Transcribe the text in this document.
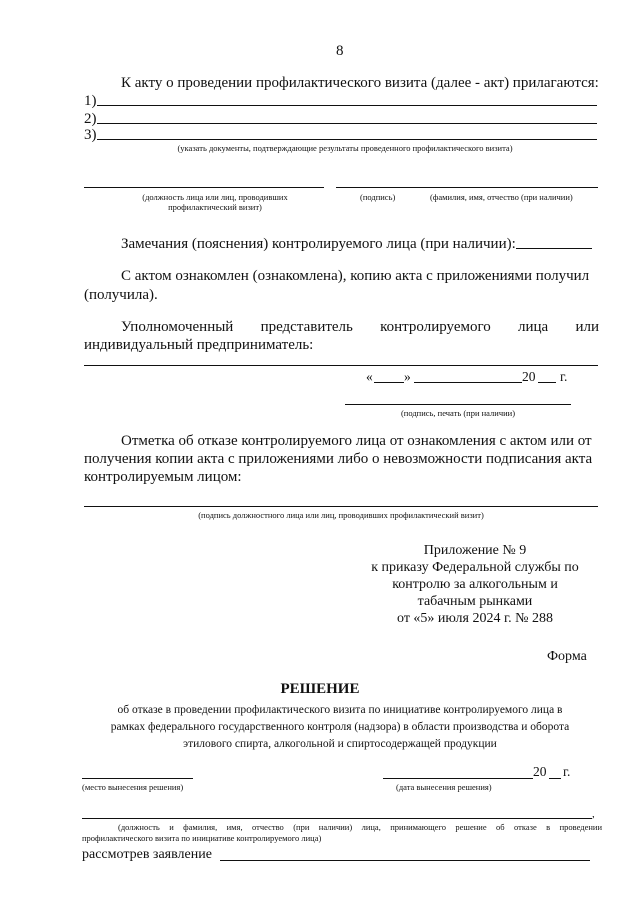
8
К акту о проведении профилактического визита (далее - акт) прилагаются:
1)
2)
3)
(указать документы, подтверждающие результаты проведенного профилактического визита)
(должность лица или лиц, проводивших профилактический визит)
(подпись)	(фамилия, имя, отчество (при наличии)
Замечания (пояснения) контролируемого лица (при наличии):
С актом ознакомлен (ознакомлена), копию акта с приложениями получил
(получила).
Уполномоченный представитель контролируемого лица или
индивидуальный предприниматель:
« »	20 г.
(подпись, печать (при наличии)
Отметка об отказе контролируемого лица от ознакомления с актом или от
получения копии акта с приложениями либо о невозможности подписания акта
контролируемым лицом:
(подпись должностного лица или лиц, проводивших профилактический визит)
Приложение № 9
к приказу Федеральной службы по
контролю за алкогольным и
табачным рынками
от «5» июля 2024 г. № 288
Форма
РЕШЕНИЕ
об отказе в проведении профилактического визита по инициативе контролируемого лица в
рамках федерального государственного контроля (надзора) в области производства и оборота
этилового спирта, алкогольной и спиртосодержащей продукции
20 г.
(место вынесения решения)	(дата вынесения решения)
,
(должность и фамилия, имя, отчество (при наличии) лица, принимающего решение об отказе в проведении
профилактического визита по инициативе контролируемого лица)
рассмотрев заявление
